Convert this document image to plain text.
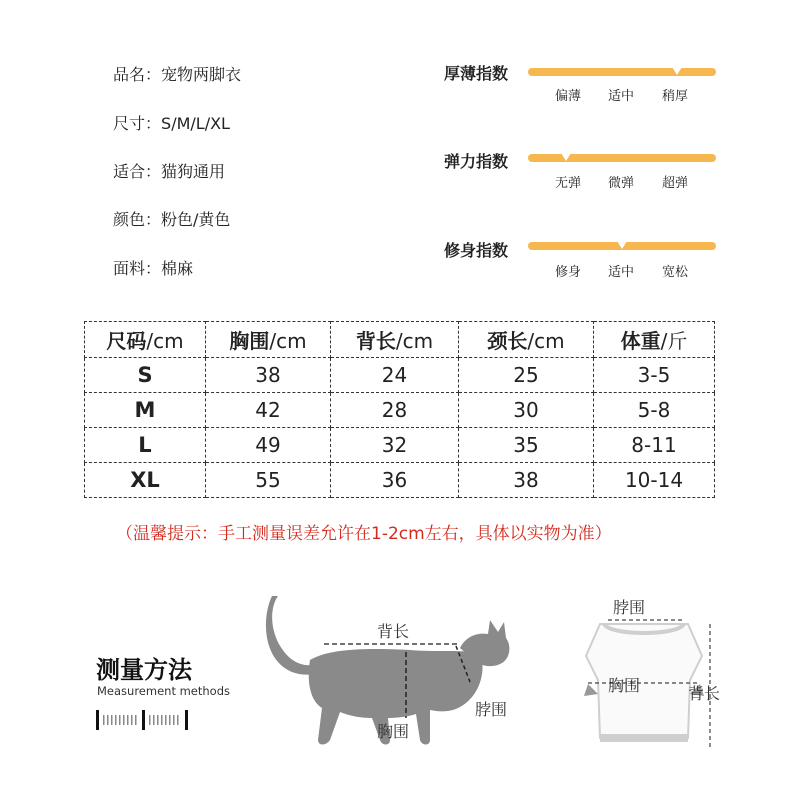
品名：宠物两脚衣
尺寸：S/M/L/XL
适合：猫狗通用
颜色：粉色/黄色
面料：棉麻
厚薄指数
偏薄 适中 稍厚
弹力指数
无弹 微弹 超弹
修身指数
修身 适中 宽松
尺码/cm	胸围/cm	背长/cm	颈长/cm	体重/斤
S	38	24	25	3-5
M	42	28	30	5-8
L	49	32	35	8-11
XL	55	36	38	10-14
（温馨提示：手工测量误差允许在1-2cm左右，具体以实物为准）
测量方法
Measurement methods
背长
脖围
胸围
脖围
胸围	背长
